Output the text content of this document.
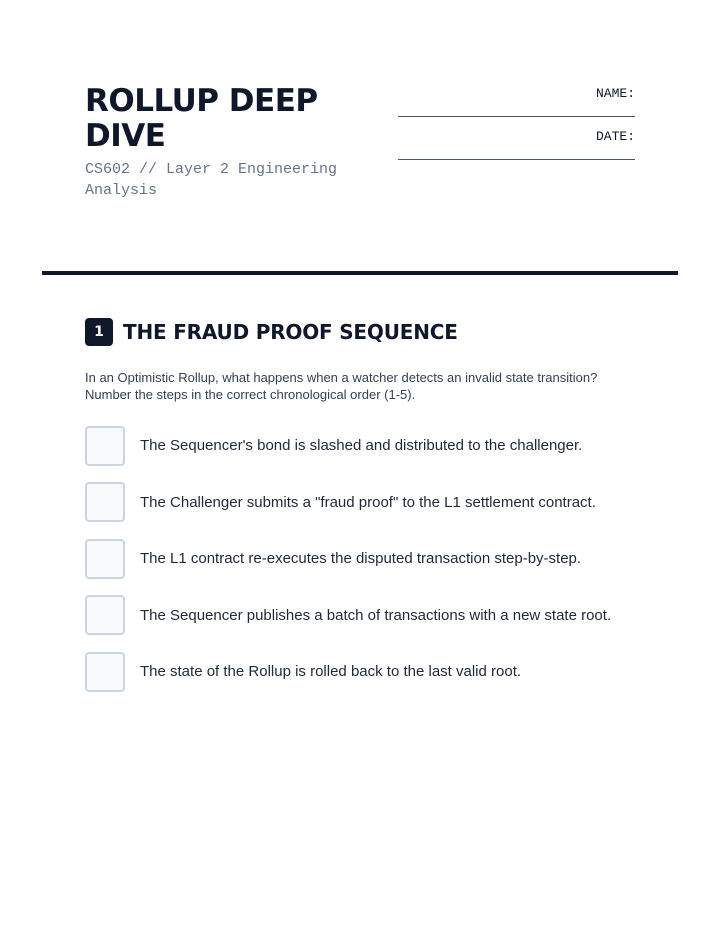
ROLLUP DEEP DIVE

CS602 // Layer 2 Engineering Analysis

NAME:
DATE:
1 THE FRAUD PROOF SEQUENCE
In an Optimistic Rollup, what happens when a watcher detects an invalid state transition? Number the steps in the correct chronological order (1-5).
The Sequencer's bond is slashed and distributed to the challenger.
The Challenger submits a "fraud proof" to the L1 settlement contract.
The L1 contract re-executes the disputed transaction step-by-step.
The Sequencer publishes a batch of transactions with a new state root.
The state of the Rollup is rolled back to the last valid root.
